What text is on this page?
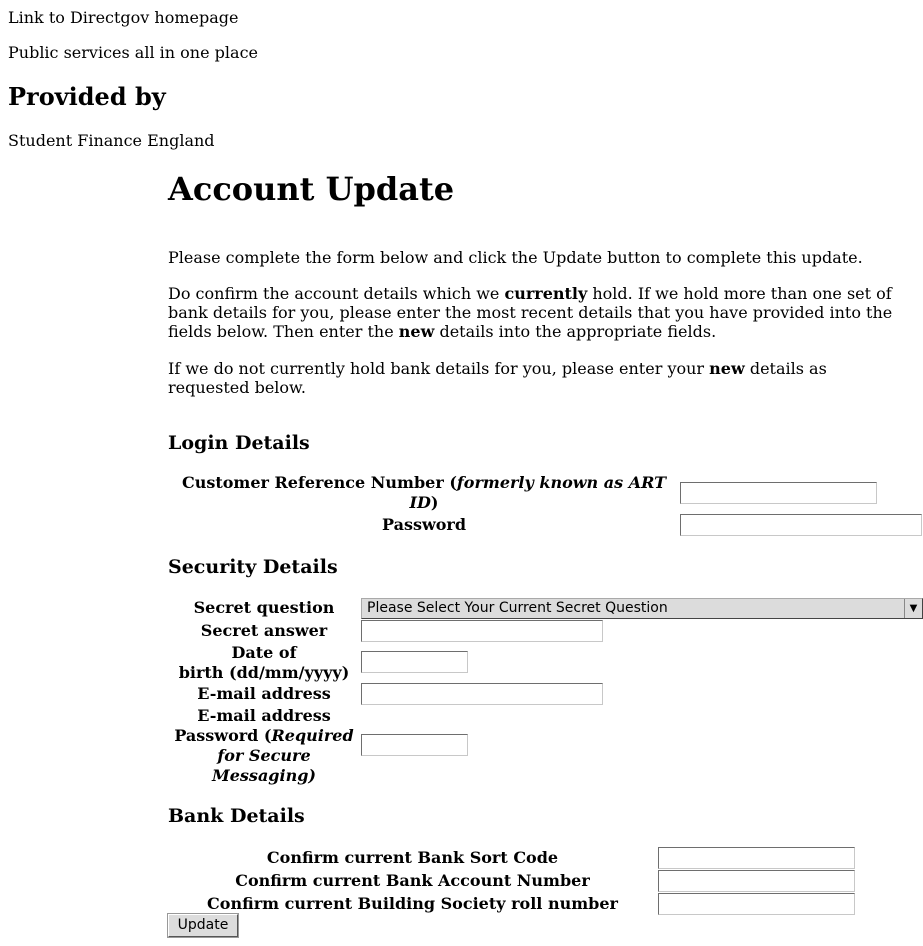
Link to Directgov homepage
Public services all in one place
Provided by
Student Finance England
Account Update

Please complete the form below and click the Update button to complete this update.

Do confirm the account details which we currently hold. If we hold more than one set of bank details for you, please enter the most recent details that you have provided into the fields below. Then enter the new details into the appropriate fields.

If we do not currently hold bank details for you, please enter your new details as requested below.

Login Details
Customer Reference Number (formerly known as ART ID)
Password
Security Details
Secret question	Please Select Your Current Secret Question	▼
Secret answer
Date of
birth (dd/mm/yyyy)
E-mail address
E-mail address
Password (Required
for Secure
Messaging)
Bank Details
Confirm current Bank Sort Code
Confirm current Bank Account Number
Confirm current Building Society roll number
Update
